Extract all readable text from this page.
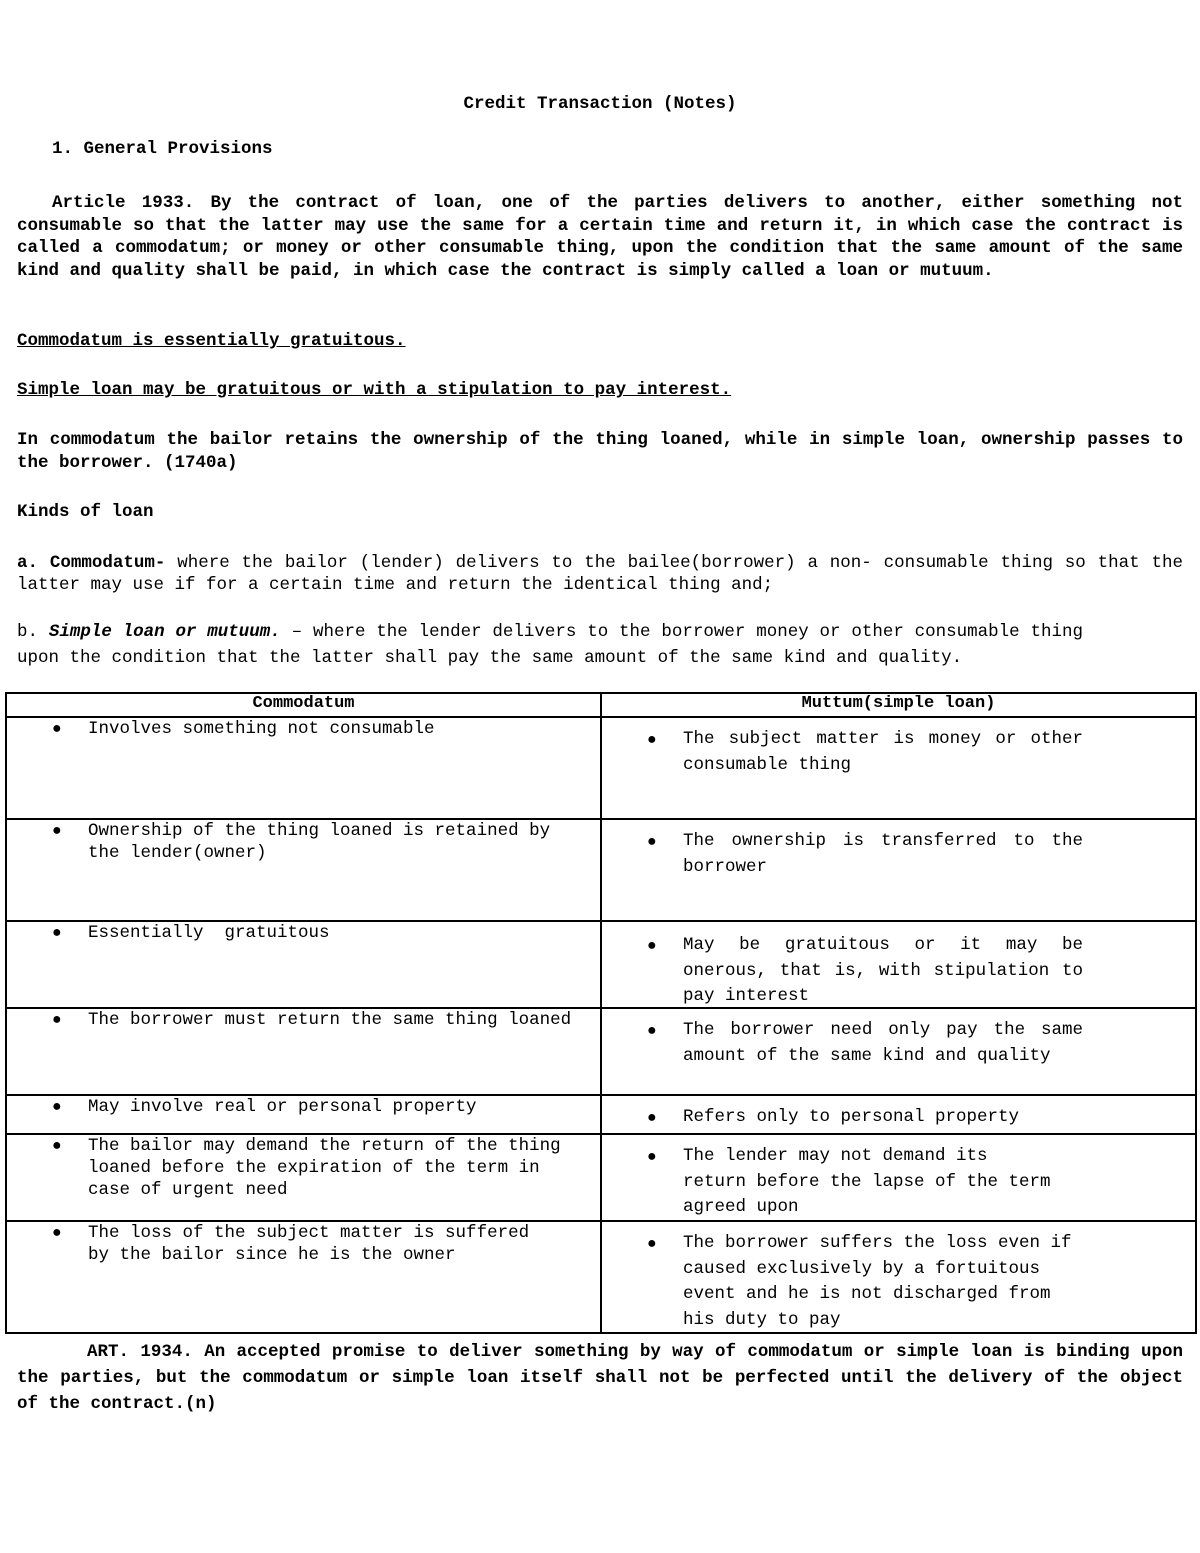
Credit Transaction (Notes)
1. General Provisions
Article 1933. By the contract of loan, one of the parties delivers to another, either something not consumable so that the latter may use the same for a certain time and return it, in which case the contract is called a commodatum; or money or other consumable thing, upon the condition that the same amount of the same kind and quality shall be paid, in which case the contract is simply called a loan or mutuum.
Commodatum is essentially gratuitous.
Simple loan may be gratuitous or with a stipulation to pay interest.
In commodatum the bailor retains the ownership of the thing loaned, while in simple loan, ownership passes to the borrower. (1740a)
Kinds of loan
a. Commodatum- where the bailor (lender) delivers to the bailee(borrower) a non- consumable thing so that the latter may use if for a certain time and return the identical thing and;
b. Simple loan or mutuum. – where the lender delivers to the borrower money or other consumable thing upon the condition that the latter shall pay the same amount of the same kind and quality.
Commodatum	Muttum(simple loan)

● Involves something not consumable	● The subject matter is money or other consumable thing

● Ownership of the thing loaned is retained by the lender(owner)	● The ownership is transferred to the borrower

● Essentially  gratuitous	● May be gratuitous or it may be onerous, that is, with stipulation to pay interest

● The borrower must return the same thing loaned	● The borrower need only pay the same amount of the same kind and quality

● May involve real or personal property	● Refers only to personal property

● The bailor may demand the return of the thing loaned before the expiration of the term in case of urgent need	● The lender may not demand its return before the lapse of the term agreed upon

● The loss of the subject matter is suffered by the bailor since he is the owner	● The borrower suffers the loss even if caused exclusively by a fortuitous event and he is not discharged from his duty to pay
ART. 1934. An accepted promise to deliver something by way of commodatum or simple loan is binding upon the parties, but the commodatum or simple loan itself shall not be perfected until the delivery of the object of the contract.(n)
